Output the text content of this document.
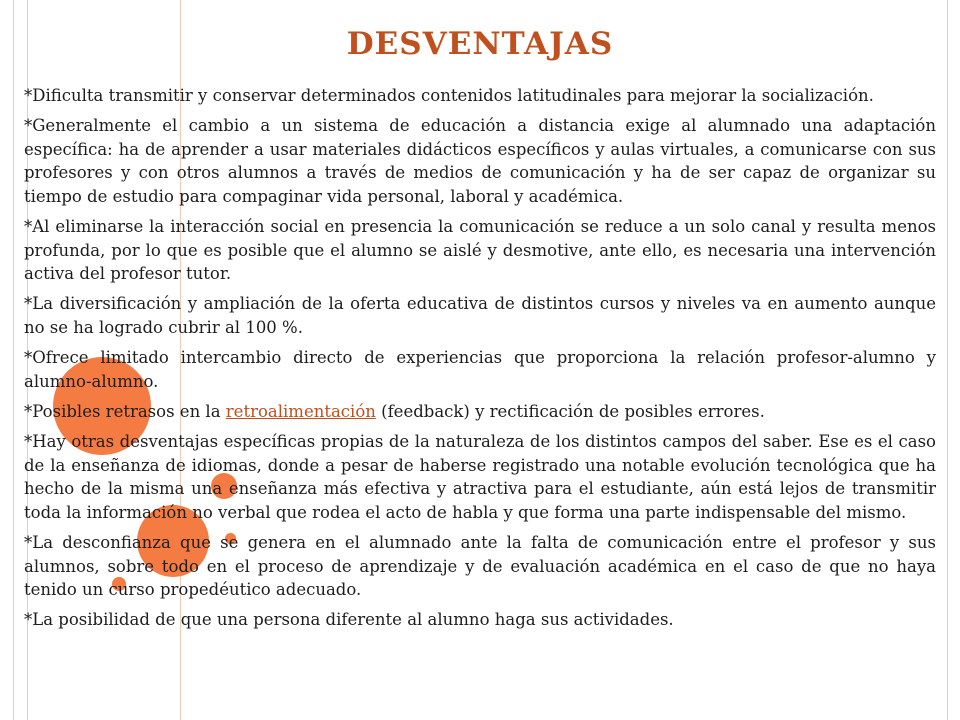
DESVENTAJAS

*Dificulta transmitir y conservar determinados contenidos latitudinales para mejorar la socialización.

*Generalmente el cambio a un sistema de educación a distancia exige al alumnado una adaptación específica: ha de aprender a usar materiales didácticos específicos y aulas virtuales, a comunicarse con sus profesores y con otros alumnos a través de medios de comunicación y ha de ser capaz de organizar su tiempo de estudio para compaginar vida personal, laboral y académica.

*Al eliminarse la interacción social en presencia la comunicación se reduce a un solo canal y resulta menos profunda, por lo que es posible que el alumno se aislé y desmotive, ante ello, es necesaria una intervención activa del profesor tutor.

*La diversificación y ampliación de la oferta educativa de distintos cursos y niveles va en aumento aunque no se ha logrado cubrir al 100 %.

*Ofrece limitado intercambio directo de experiencias que proporciona la relación profesor-alumno y alumno-alumno.

*Posibles retrasos en la retroalimentación (feedback) y rectificación de posibles errores.

*Hay otras desventajas específicas propias de la naturaleza de los distintos campos del saber. Ese es el caso de la enseñanza de idiomas, donde a pesar de haberse registrado una notable evolución tecnológica que ha hecho de la misma una enseñanza más efectiva y atractiva para el estudiante, aún está lejos de transmitir toda la información no verbal que rodea el acto de habla y que forma una parte indispensable del mismo.

*La desconfianza que se genera en el alumnado ante la falta de comunicación entre el profesor y sus alumnos, sobre todo en el proceso de aprendizaje y de evaluación académica en el caso de que no haya tenido un curso propedéutico adecuado.

*La posibilidad de que una persona diferente al alumno haga sus actividades.
